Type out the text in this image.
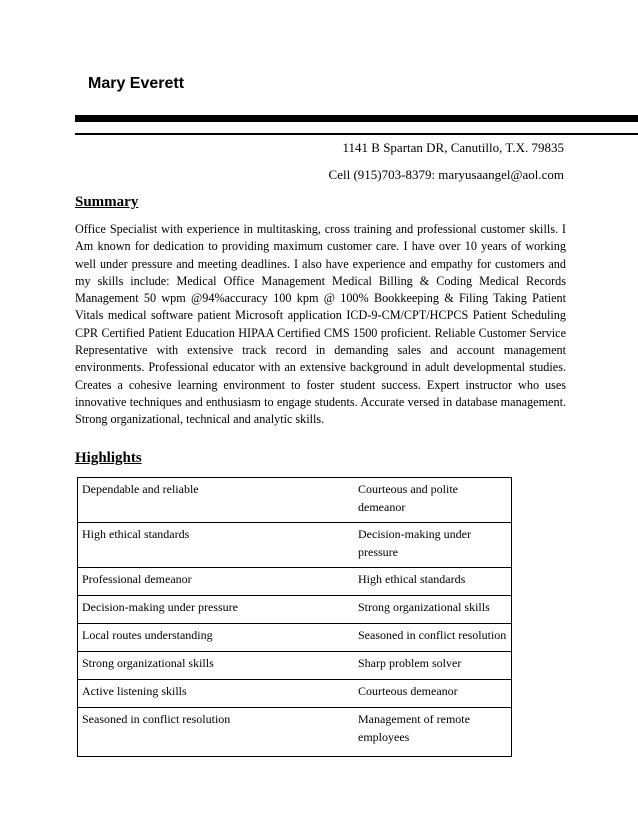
Mary Everett
1141 B Spartan DR, Canutillo, T.X. 79835
Cell (915)703-8379: maryusaangel@aol.com
Summary
Office Specialist with experience in multitasking, cross training and professional customer skills. I Am known for dedication to providing maximum customer care. I have over 10 years of working well under pressure and meeting deadlines. I also have experience and empathy for customers and my skills include: Medical Office Management Medical Billing & Coding Medical Records Management 50 wpm @94%accuracy 100 kpm @ 100% Bookkeeping & Filing Taking Patient Vitals medical software patient Microsoft application ICD-9-CM/CPT/HCPCS Patient Scheduling CPR Certified Patient Education HIPAA Certified CMS 1500 proficient. Reliable Customer Service Representative with extensive track record in demanding sales and account management environments. Professional educator with an extensive background in adult developmental studies. Creates a cohesive learning environment to foster student success. Expert instructor who uses innovative techniques and enthusiasm to engage students. Accurate versed in database management. Strong organizational, technical and analytic skills.
Highlights
Dependable and reliable	Courteous and polite demeanor
High ethical standards	Decision-making under pressure
Professional demeanor	High ethical standards
Decision-making under pressure	Strong organizational skills
Local routes understanding	Seasoned in conflict resolution
Strong organizational skills	Sharp problem solver
Active listening skills	Courteous demeanor
Seasoned in conflict resolution	Management of remote employees
